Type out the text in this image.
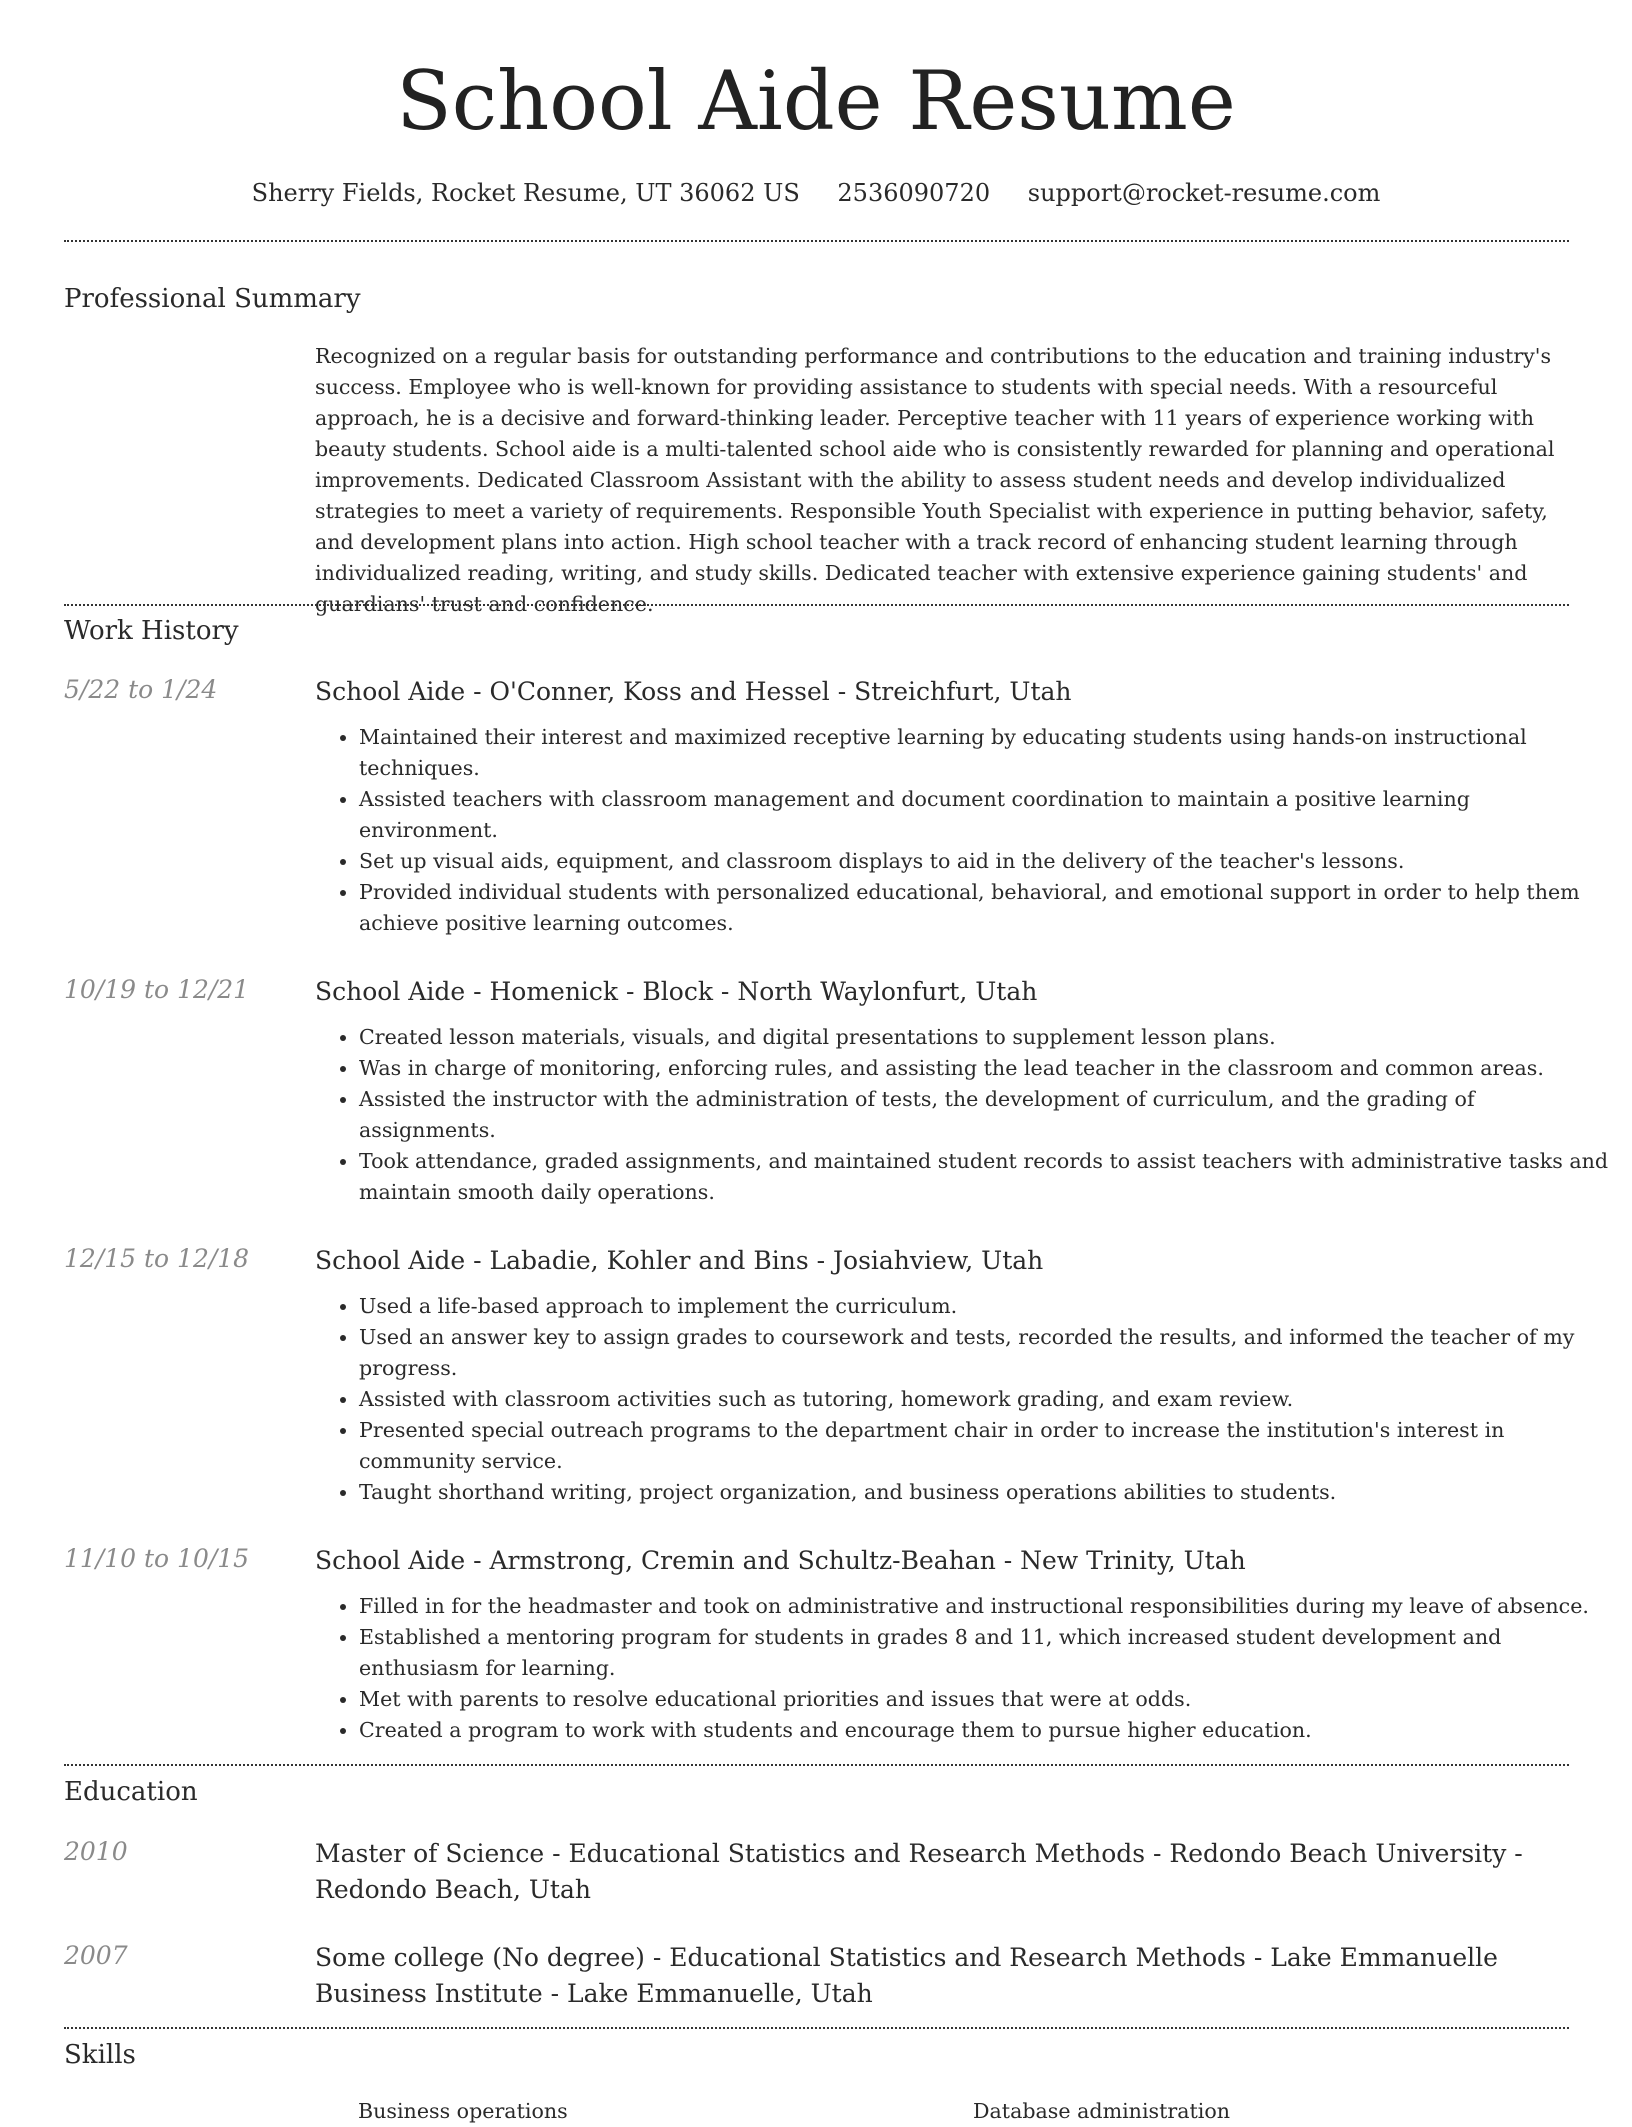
School Aide Resume
Sherry Fields, Rocket Resume, UT 36062 US 2536090720 support@rocket-resume.com
Professional Summary

Recognized on a regular basis for outstanding performance and contributions to the education and training industry's success. Employee who is well-known for providing assistance to students with special needs. With a resourceful approach, he is a decisive and forward-thinking leader. Perceptive teacher with 11 years of experience working with beauty students. School aide is a multi-talented school aide who is consistently rewarded for planning and operational improvements. Dedicated Classroom Assistant with the ability to assess student needs and develop individualized strategies to meet a variety of requirements. Responsible Youth Specialist with experience in putting behavior, safety, and development plans into action. High school teacher with a track record of enhancing student learning through individualized reading, writing, and study skills. Dedicated teacher with extensive experience gaining students' and guardians' trust and confidence.

Work History
5/22 to 1/24	School Aide - O'Conner, Koss and Hessel - Streichfurt, Utah
• Maintained their interest and maximized receptive learning by educating students using hands-on instructional techniques.
• Assisted teachers with classroom management and document coordination to maintain a positive learning environment.
• Set up visual aids, equipment, and classroom displays to aid in the delivery of the teacher's lessons.
• Provided individual students with personalized educational, behavioral, and emotional support in order to help them achieve positive learning outcomes.
10/19 to 12/21	School Aide - Homenick - Block - North Waylonfurt, Utah
• Created lesson materials, visuals, and digital presentations to supplement lesson plans.
• Was in charge of monitoring, enforcing rules, and assisting the lead teacher in the classroom and common areas.
• Assisted the instructor with the administration of tests, the development of curriculum, and the grading of assignments.
• Took attendance, graded assignments, and maintained student records to assist teachers with administrative tasks and maintain smooth daily operations.
12/15 to 12/18	School Aide - Labadie, Kohler and Bins - Josiahview, Utah
• Used a life-based approach to implement the curriculum.
• Used an answer key to assign grades to coursework and tests, recorded the results, and informed the teacher of my progress.
• Assisted with classroom activities such as tutoring, homework grading, and exam review.
• Presented special outreach programs to the department chair in order to increase the institution's interest in community service.
• Taught shorthand writing, project organization, and business operations abilities to students.
11/10 to 10/15	School Aide - Armstrong, Cremin and Schultz-Beahan - New Trinity, Utah
• Filled in for the headmaster and took on administrative and instructional responsibilities during my leave of absence.
• Established a mentoring program for students in grades 8 and 11, which increased student development and enthusiasm for learning.
• Met with parents to resolve educational priorities and issues that were at odds.
• Created a program to work with students and encourage them to pursue higher education.
Education
2010	Master of Science - Educational Statistics and Research Methods - Redondo Beach University - Redondo Beach, Utah
2007	Some college (No degree) - Educational Statistics and Research Methods - Lake Emmanuelle Business Institute - Lake Emmanuelle, Utah
Skills
Business operations	Database administration
